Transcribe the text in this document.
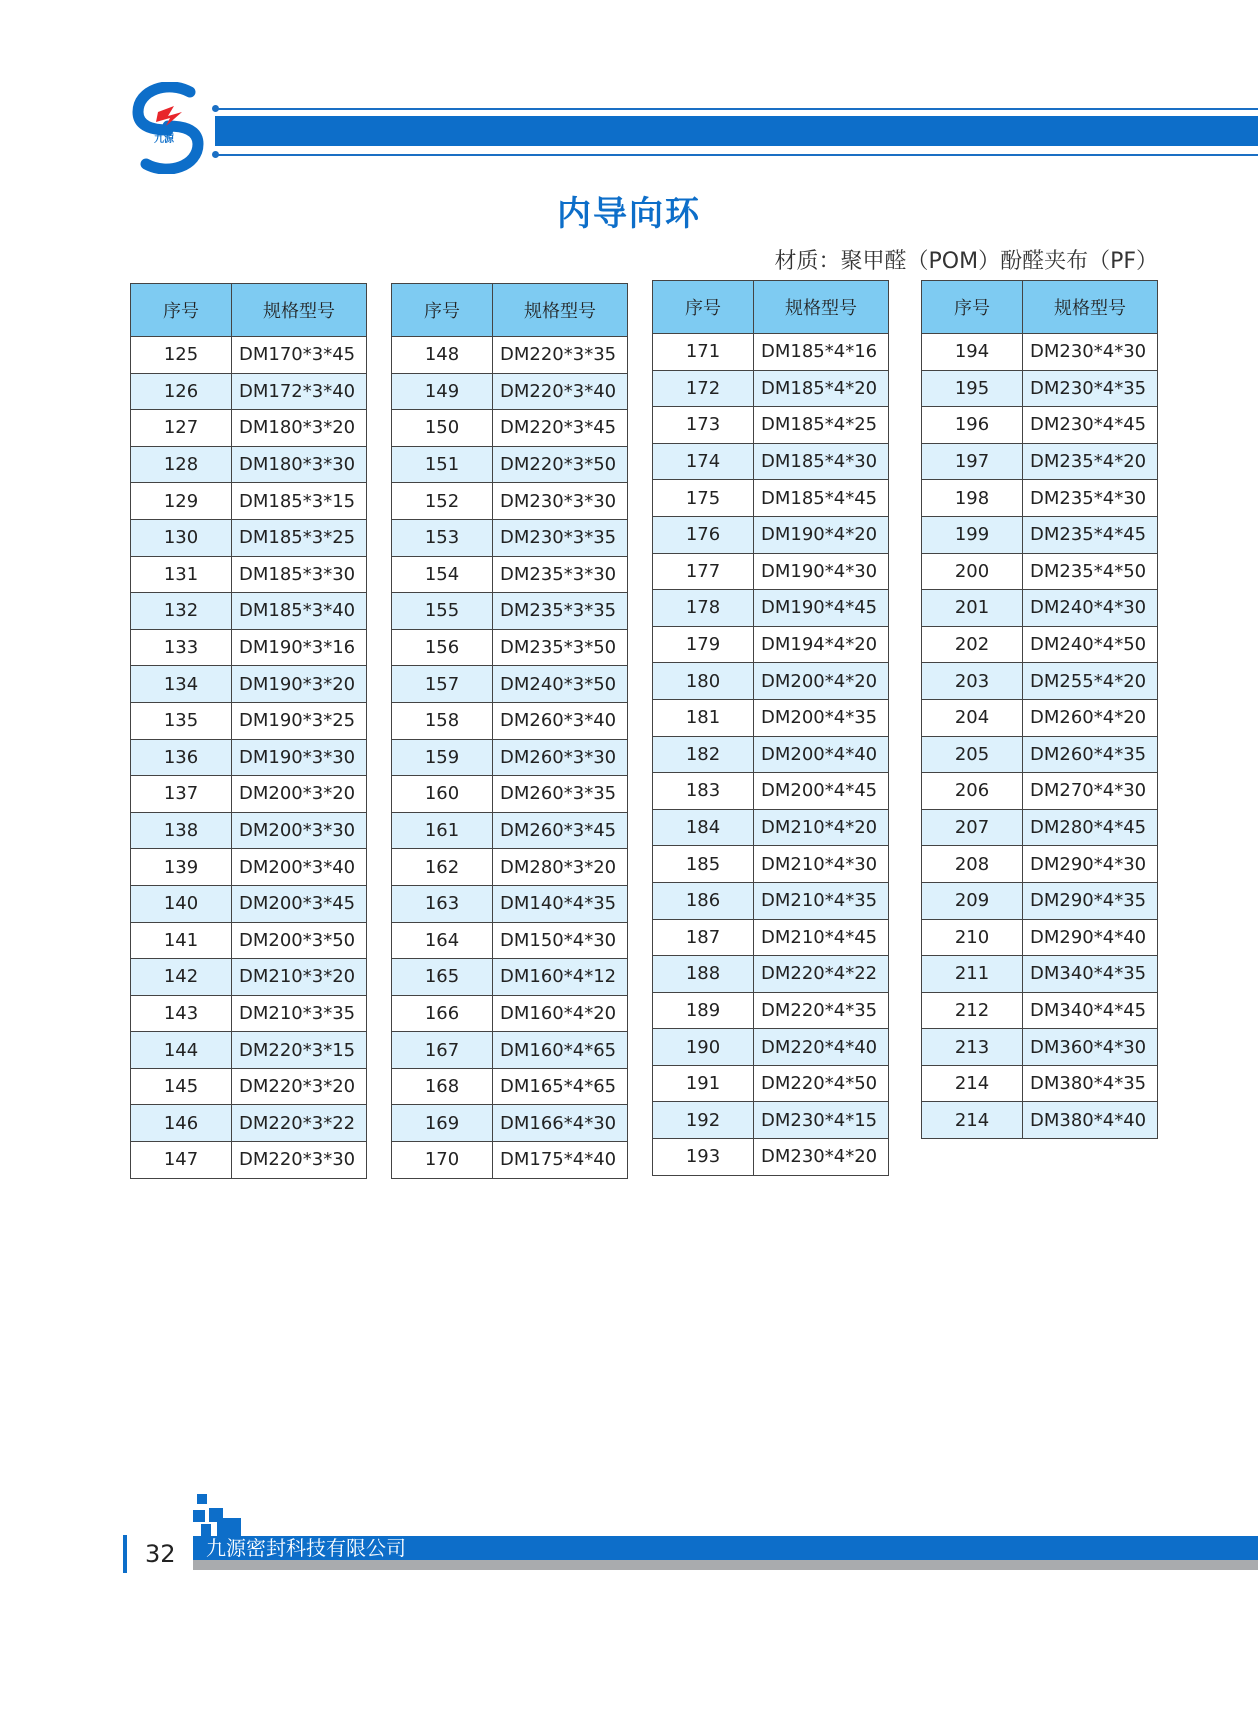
九源
内导向环
材质：聚甲醛（POM）酚醛夹布（PF）
序号	规格型号
125	DM170*3*45
126	DM172*3*40
127	DM180*3*20
128	DM180*3*30
129	DM185*3*15
130	DM185*3*25
131	DM185*3*30
132	DM185*3*40
133	DM190*3*16
134	DM190*3*20
135	DM190*3*25
136	DM190*3*30
137	DM200*3*20
138	DM200*3*30
139	DM200*3*40
140	DM200*3*45
141	DM200*3*50
142	DM210*3*20
143	DM210*3*35
144	DM220*3*15
145	DM220*3*20
146	DM220*3*22
147	DM220*3*30
序号	规格型号
148	DM220*3*35
149	DM220*3*40
150	DM220*3*45
151	DM220*3*50
152	DM230*3*30
153	DM230*3*35
154	DM235*3*30
155	DM235*3*35
156	DM235*3*50
157	DM240*3*50
158	DM260*3*40
159	DM260*3*30
160	DM260*3*35
161	DM260*3*45
162	DM280*3*20
163	DM140*4*35
164	DM150*4*30
165	DM160*4*12
166	DM160*4*20
167	DM160*4*65
168	DM165*4*65
169	DM166*4*30
170	DM175*4*40
序号	规格型号
171	DM185*4*16
172	DM185*4*20
173	DM185*4*25
174	DM185*4*30
175	DM185*4*45
176	DM190*4*20
177	DM190*4*30
178	DM190*4*45
179	DM194*4*20
180	DM200*4*20
181	DM200*4*35
182	DM200*4*40
183	DM200*4*45
184	DM210*4*20
185	DM210*4*30
186	DM210*4*35
187	DM210*4*45
188	DM220*4*22
189	DM220*4*35
190	DM220*4*40
191	DM220*4*50
192	DM230*4*15
193	DM230*4*20
序号	规格型号
194	DM230*4*30
195	DM230*4*35
196	DM230*4*45
197	DM235*4*20
198	DM235*4*30
199	DM235*4*45
200	DM235*4*50
201	DM240*4*30
202	DM240*4*50
203	DM255*4*20
204	DM260*4*20
205	DM260*4*35
206	DM270*4*30
207	DM280*4*45
208	DM290*4*30
209	DM290*4*35
210	DM290*4*40
211	DM340*4*35
212	DM340*4*45
213	DM360*4*30
214	DM380*4*35
214	DM380*4*40
32 九源密封科技有限公司
